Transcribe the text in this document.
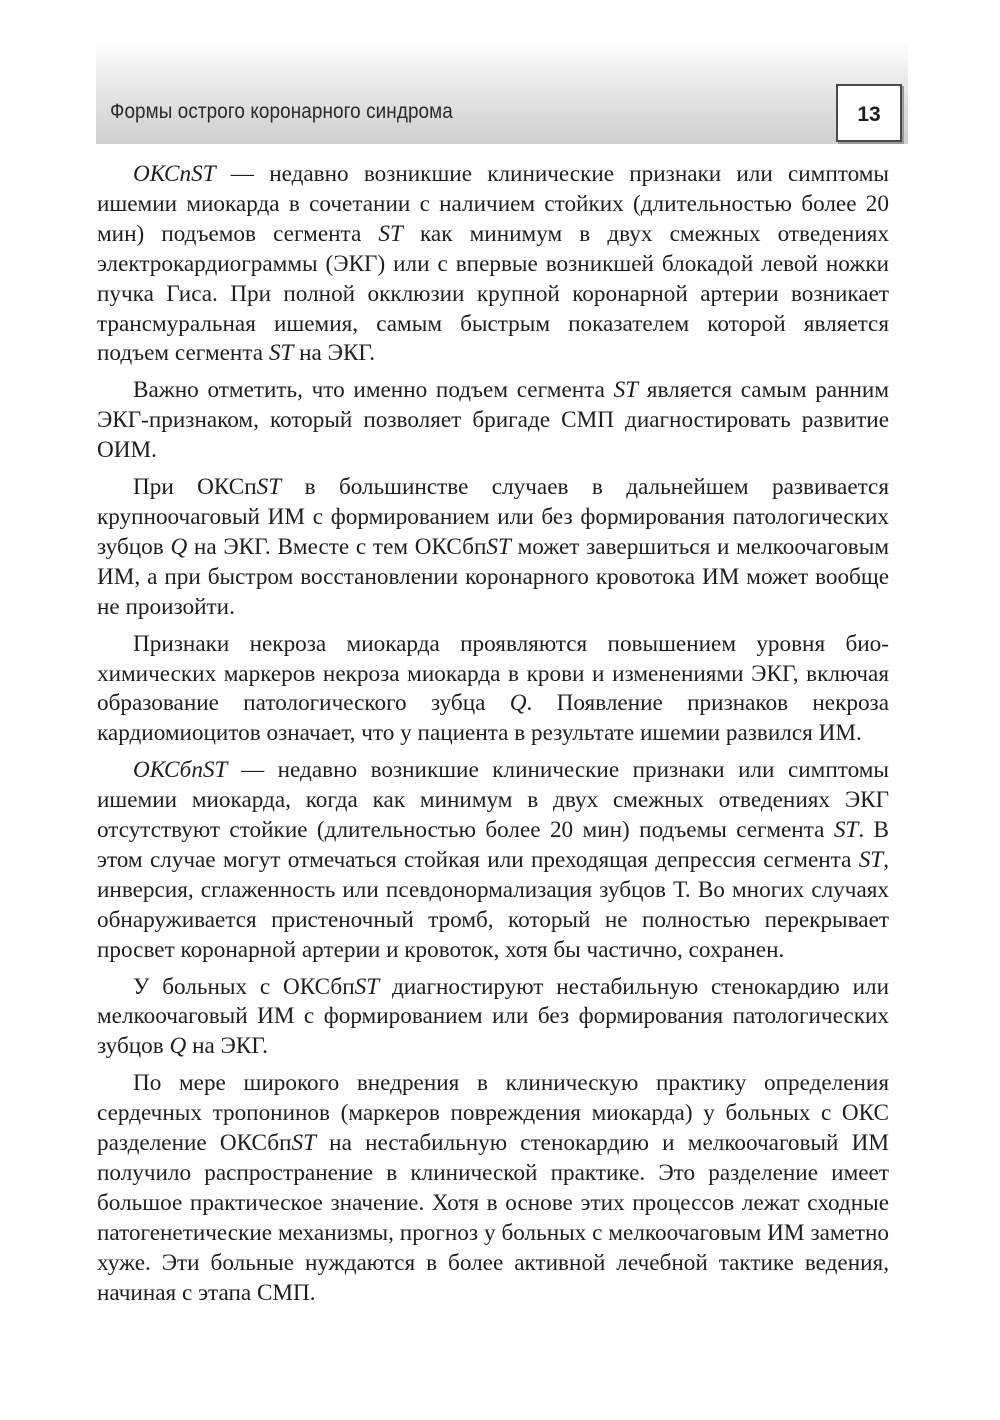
Формы острого коронарного синдрома	13

ОКСпST — недавно возникшие клинические признаки или симптомы ишемии миокарда в сочетании с наличием стойких (длительностью более 20 мин) подъемов сегмента ST как минимум в двух смежных отведениях электрокардиограммы (ЭКГ) или с впервые возникшей блокадой левой ножки пучка Гиса. При полной окклюзии крупной коронарной артерии возникает трансмуральная ишемия, самым быстрым показателем которой является подъем сегмента ST на ЭКГ.

Важно отметить, что именно подъем сегмента ST является самым ранним ЭКГ-признаком, который позволяет бригаде СМП диагностировать развитие ОИМ.

При ОКСпST в большинстве случаев в дальнейшем развивается крупноочаговый ИМ с формированием или без формирования патологических зубцов Q на ЭКГ. Вместе с тем ОКСбпST может завершиться и мелкоочаговым ИМ, а при быстром восстановлении коронарного кровотока ИМ может вообще не произойти.

Признаки некроза миокарда проявляются повышением уровня биохимических маркеров некроза миокарда в крови и изменениями ЭКГ, включая образование патологического зубца Q. Появление признаков некроза кардиомиоцитов означает, что у пациента в результате ишемии развился ИМ.

ОКСбпST — недавно возникшие клинические признаки или симптомы ишемии миокарда, когда как минимум в двух смежных отведениях ЭКГ отсутствуют стойкие (длительностью более 20 мин) подъемы сегмента ST. В этом случае могут отмечаться стойкая или преходящая депрессия сегмента ST, инверсия, сглаженность или псевдонормализация зубцов Т. Во многих случаях обнаруживается пристеночный тромб, который не полностью перекрывает просвет коронарной артерии и кровоток, хотя бы частично, сохранен.

У больных с ОКСбпST диагностируют нестабильную стенокардию или мелкоочаговый ИМ с формированием или без формирования патологических зубцов Q на ЭКГ.

По мере широкого внедрения в клиническую практику определения сердечных тропонинов (маркеров повреждения миокарда) у больных с ОКС разделение ОКСбпST на нестабильную стенокардию и мелкоочаговый ИМ получило распространение в клинической практике. Это разделение имеет большое практическое значение. Хотя в основе этих процессов лежат сходные патогенетические механизмы, прогноз у больных с мелкоочаговым ИМ заметно хуже. Эти больные нуждаются в более активной лечебной тактике ведения, начиная с этапа СМП.
